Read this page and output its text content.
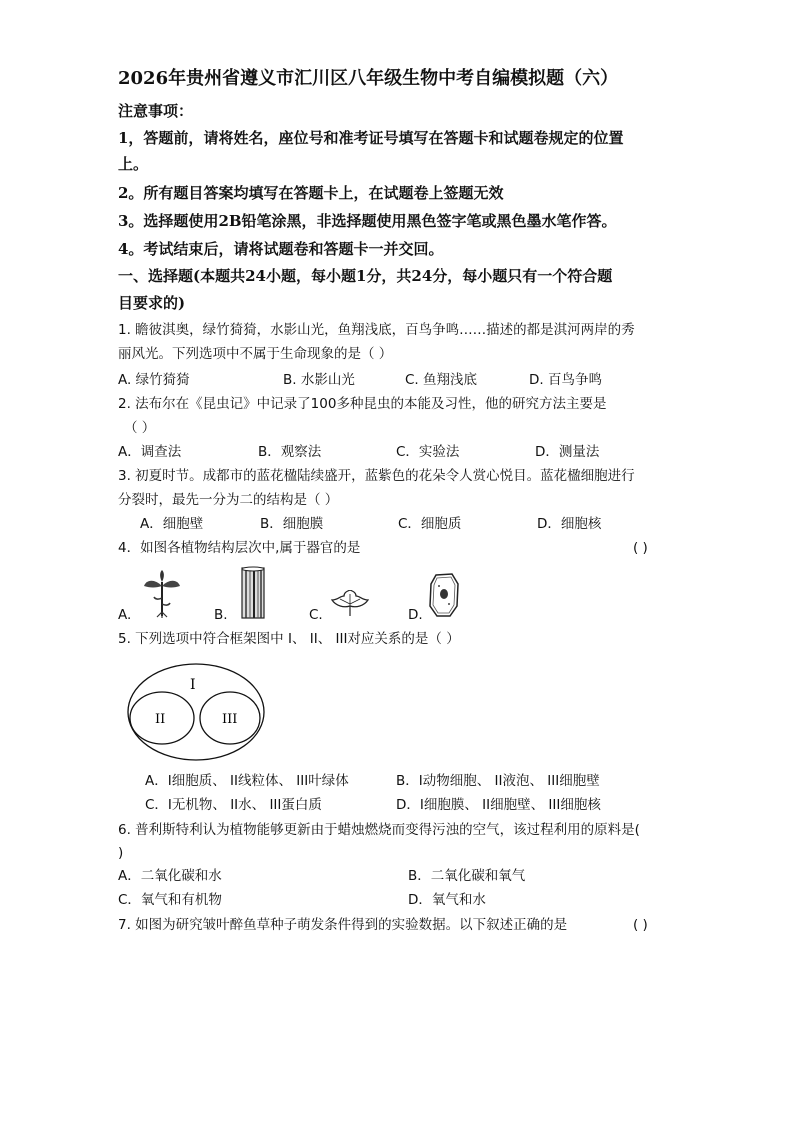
2026年贵州省遵义市汇川区八年级生物中考自编模拟题（六）
注意事项：
1，答题前，请将姓名，座位号和准考证号填写在答题卡和试题卷规定的位置
上。
2。所有题目答案均填写在答题卡上，在试题卷上签题无效
3。选择题使用2B铅笔涂黑，非选择题使用黑色签字笔或黑色墨水笔作答。
4。考试结束后，请将试题卷和答题卡一并交回。
一、选择题(本题共24小题，每小题1分，共24分，每小题只有一个符合题
目要求的)
1. 瞻彼淇奥，绿竹猗猗，水影山光，鱼翔浅底，百鸟争鸣……描述的都是淇河两岸的秀
丽风光。下列选项中不属于生命现象的是（ ）
A. 绿竹猗猗	B. 水影山光	C. 鱼翔浅底	D. 百鸟争鸣
2. 法布尔在《昆虫记》中记录了100多种昆虫的本能及习性，他的研究方法主要是
（ ）
A．调查法	B．观察法	C．实验法	D．测量法
3. 初夏时节。成都市的蓝花楹陆续盛开，蓝紫色的花朵令人赏心悦目。蓝花楹细胞进行
分裂时，最先一分为二的结构是（ ）
A．细胞壁	B．细胞膜	C．细胞质	D．细胞核
4．如图各植物结构层次中,属于器官的是	( )
A.	B.	C.	D.
5. 下列选项中符合框架图中 I、 II、 III对应关系的是（ ）
I
II	III
A．I细胞质、 II线粒体、 III叶绿体	B．I动物细胞、 II液泡、 III细胞壁
C．I无机物、 II水、 III蛋白质	D．I细胞膜、 II细胞壁、 III细胞核
6. 普利斯特利认为植物能够更新由于蜡烛燃烧而变得污浊的空气，该过程利用的原料是(
)
A．二氧化碳和水	B．二氧化碳和氧气
C．氧气和有机物	D．氧气和水
7. 如图为研究皱叶醉鱼草种子萌发条件得到的实验数据。以下叙述正确的是	( )
